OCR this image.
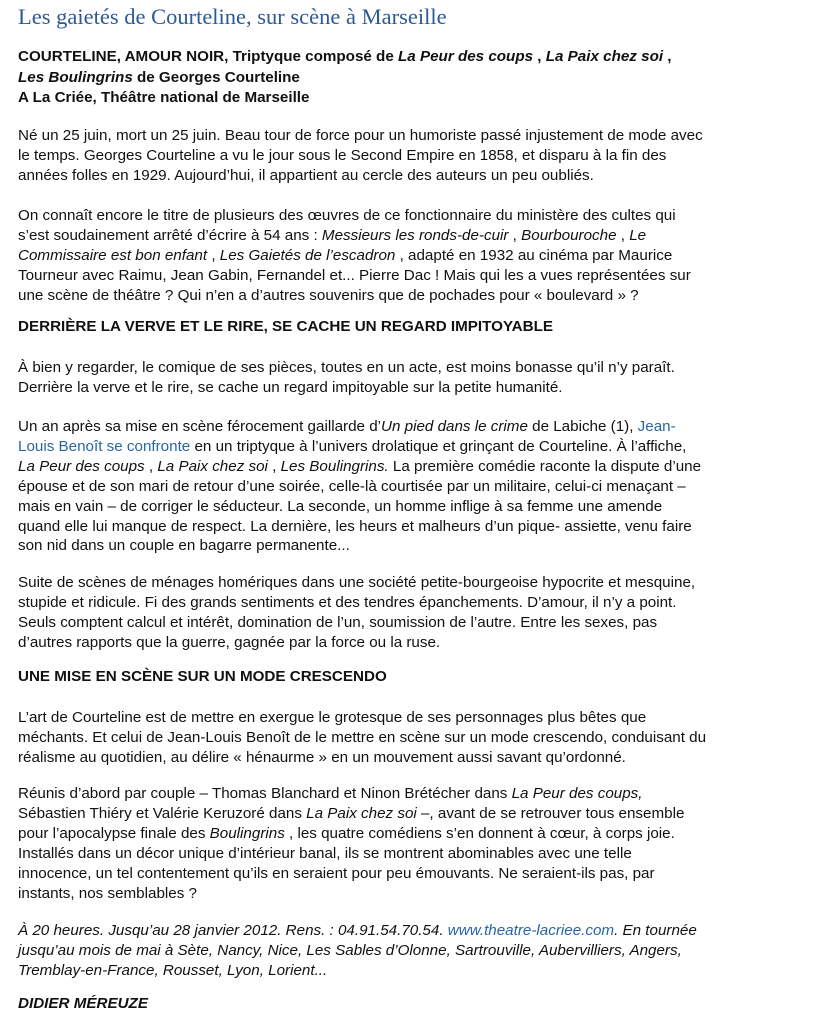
Les gaietés de Courteline, sur scène à Marseille
COURTELINE, AMOUR NOIR, Triptyque composé de La Peur des coups , La Paix chez soi ,
Les Boulingrins de Georges Courteline
A La Criée, Théâtre national de Marseille
Né un 25 juin, mort un 25 juin. Beau tour de force pour un humoriste passé injustement de mode avec
le temps. Georges Courteline a vu le jour sous le Second Empire en 1858, et disparu à la fin des
années folles en 1929. Aujourd’hui, il appartient au cercle des auteurs un peu oubliés.
On connaît encore le titre de plusieurs des œuvres de ce fonctionnaire du ministère des cultes qui
s’est soudainement arrêté d’écrire à 54 ans : Messieurs les ronds-de-cuir , Bourbouroche , Le
Commissaire est bon enfant , Les Gaietés de l’escadron , adapté en 1932 au cinéma par Maurice
Tourneur avec Raimu, Jean Gabin, Fernandel et... Pierre Dac ! Mais qui les a vues représentées sur
une scène de théâtre ? Qui n’en a d’autres souvenirs que de pochades pour « boulevard » ?
DERRIÈRE LA VERVE ET LE RIRE, SE CACHE UN REGARD IMPITOYABLE
À bien y regarder, le comique de ses pièces, toutes en un acte, est moins bonasse qu’il n’y paraît.
Derrière la verve et le rire, se cache un regard impitoyable sur la petite humanité.
Un an après sa mise en scène férocement gaillarde d’Un pied dans le crime de Labiche (1), Jean-
Louis Benoît se confronte en un triptyque à l’univers drolatique et grinçant de Courteline. À l’affiche,
La Peur des coups , La Paix chez soi , Les Boulingrins. La première comédie raconte la dispute d’une
épouse et de son mari de retour d’une soirée, celle-là courtisée par un militaire, celui-ci menaçant –
mais en vain – de corriger le séducteur. La seconde, un homme inflige à sa femme une amende
quand elle lui manque de respect. La dernière, les heurs et malheurs d’un pique- assiette, venu faire
son nid dans un couple en bagarre permanente...
Suite de scènes de ménages homériques dans une société petite-bourgeoise hypocrite et mesquine,
stupide et ridicule. Fi des grands sentiments et des tendres épanchements. D’amour, il n’y a point.
Seuls comptent calcul et intérêt, domination de l’un, soumission de l’autre. Entre les sexes, pas
d’autres rapports que la guerre, gagnée par la force ou la ruse.
UNE MISE EN SCÈNE SUR UN MODE CRESCENDO
L’art de Courteline est de mettre en exergue le grotesque de ses personnages plus bêtes que
méchants. Et celui de Jean-Louis Benoît de le mettre en scène sur un mode crescendo, conduisant du
réalisme au quotidien, au délire « hénaurme » en un mouvement aussi savant qu’ordonné.
Réunis d’abord par couple – Thomas Blanchard et Ninon Brétécher dans La Peur des coups,
Sébastien Thiéry et Valérie Keruzoré dans La Paix chez soi –, avant de se retrouver tous ensemble
pour l’apocalypse finale des Boulingrins , les quatre comédiens s’en donnent à cœur, à corps joie.
Installés dans un décor unique d’intérieur banal, ils se montrent abominables avec une telle
innocence, un tel contentement qu’ils en seraient pour peu émouvants. Ne seraient-ils pas, par
instants, nos semblables ?
À 20 heures. Jusqu’au 28 janvier 2012. Rens. : 04.91.54.70.54. www.theatre-lacriee.com. En tournée
jusqu’au mois de mai à Sète, Nancy, Nice, Les Sables d’Olonne, Sartrouville, Aubervilliers, Angers,
Tremblay-en-France, Rousset, Lyon, Lorient...
DIDIER MÉREUZE
